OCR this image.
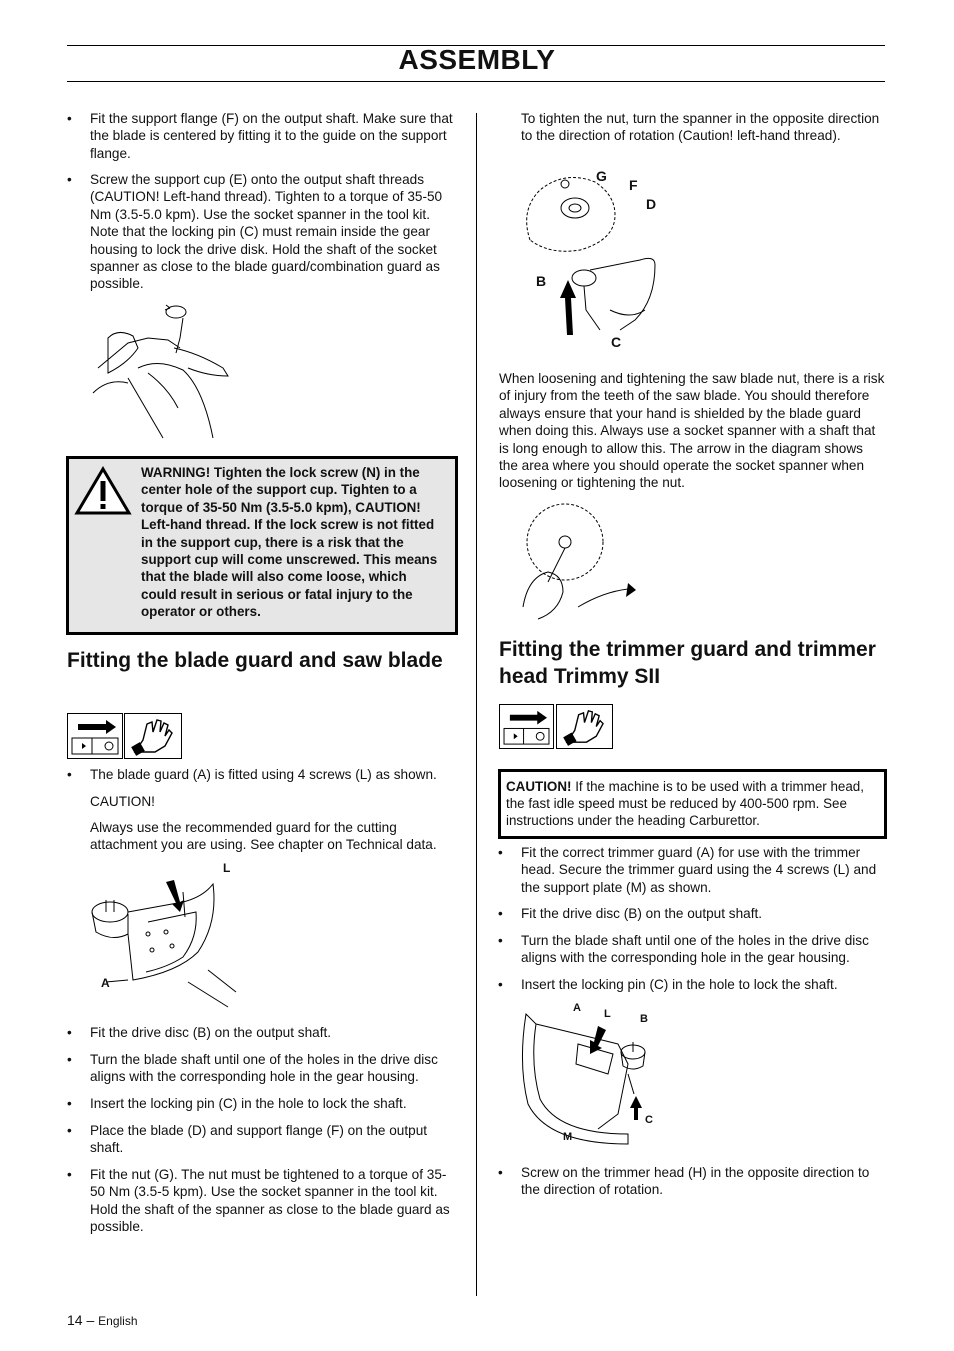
ASSEMBLY
• Fit the support flange (F) on the output shaft. Make sure that the blade is centered by fitting it to the guide on the support flange.
• Screw the support cup (E) onto the output shaft threads (CAUTION! Left-hand thread). Tighten to a torque of 35-50 Nm (3.5-5.0 kpm). Use the socket spanner in the tool kit. Note that the locking pin (C) must remain inside the gear housing to lock the drive disk. Hold the shaft of the socket spanner as close to the blade guard/combination guard as possible.
WARNING! Tighten the lock screw (N) in the center hole of the support cup. Tighten to a torque of 35-50 Nm (3.5-5.0 kpm), CAUTION! Left-hand thread. If the lock screw is not fitted in the support cup, there is a risk that the support cup will come unscrewed. This means that the blade will also come loose, which could result in serious or fatal injury to the operator or others.
Fitting the blade guard and saw blade
• The blade guard (A) is fitted using 4 screws (L) as shown.
CAUTION!
Always use the recommended guard for the cutting attachment you are using. See chapter on Technical data.
L
A
• Fit the drive disc (B) on the output shaft.
• Turn the blade shaft until one of the holes in the drive disc aligns with the corresponding hole in the gear housing.
• Insert the locking pin (C) in the hole to lock the shaft.
• Place the blade (D) and support flange (F) on the output shaft.
• Fit the nut (G). The nut must be tightened to a torque of 35-50 Nm (3.5-5 kpm). Use the socket spanner in the tool kit. Hold the shaft of the spanner as close to the blade guard as possible.
To tighten the nut, turn the spanner in the opposite direction to the direction of rotation (Caution! left-hand thread).
G
F
D
B
C
When loosening and tightening the saw blade nut, there is a risk of injury from the teeth of the saw blade. You should therefore always ensure that your hand is shielded by the blade guard when doing this. Always use a socket spanner with a shaft that is long enough to allow this. The arrow in the diagram shows the area where you should operate the socket spanner when loosening or tightening the nut.
Fitting the trimmer guard and trimmer head Trimmy SII
CAUTION! If the machine is to be used with a trimmer head, the fast idle speed must be reduced by 400-500 rpm. See instructions under the heading Carburettor.
• Fit the correct trimmer guard (A) for use with the trimmer head. Secure the trimmer guard using the 4 screws (L) and the support plate (M) as shown.
• Fit the drive disc (B) on the output shaft.
• Turn the blade shaft until one of the holes in the drive disc aligns with the corresponding hole in the gear housing.
• Insert the locking pin (C) in the hole to lock the shaft.
A L	B
C
M
• Screw on the trimmer head (H) in the opposite direction to the direction of rotation.
14 – English
